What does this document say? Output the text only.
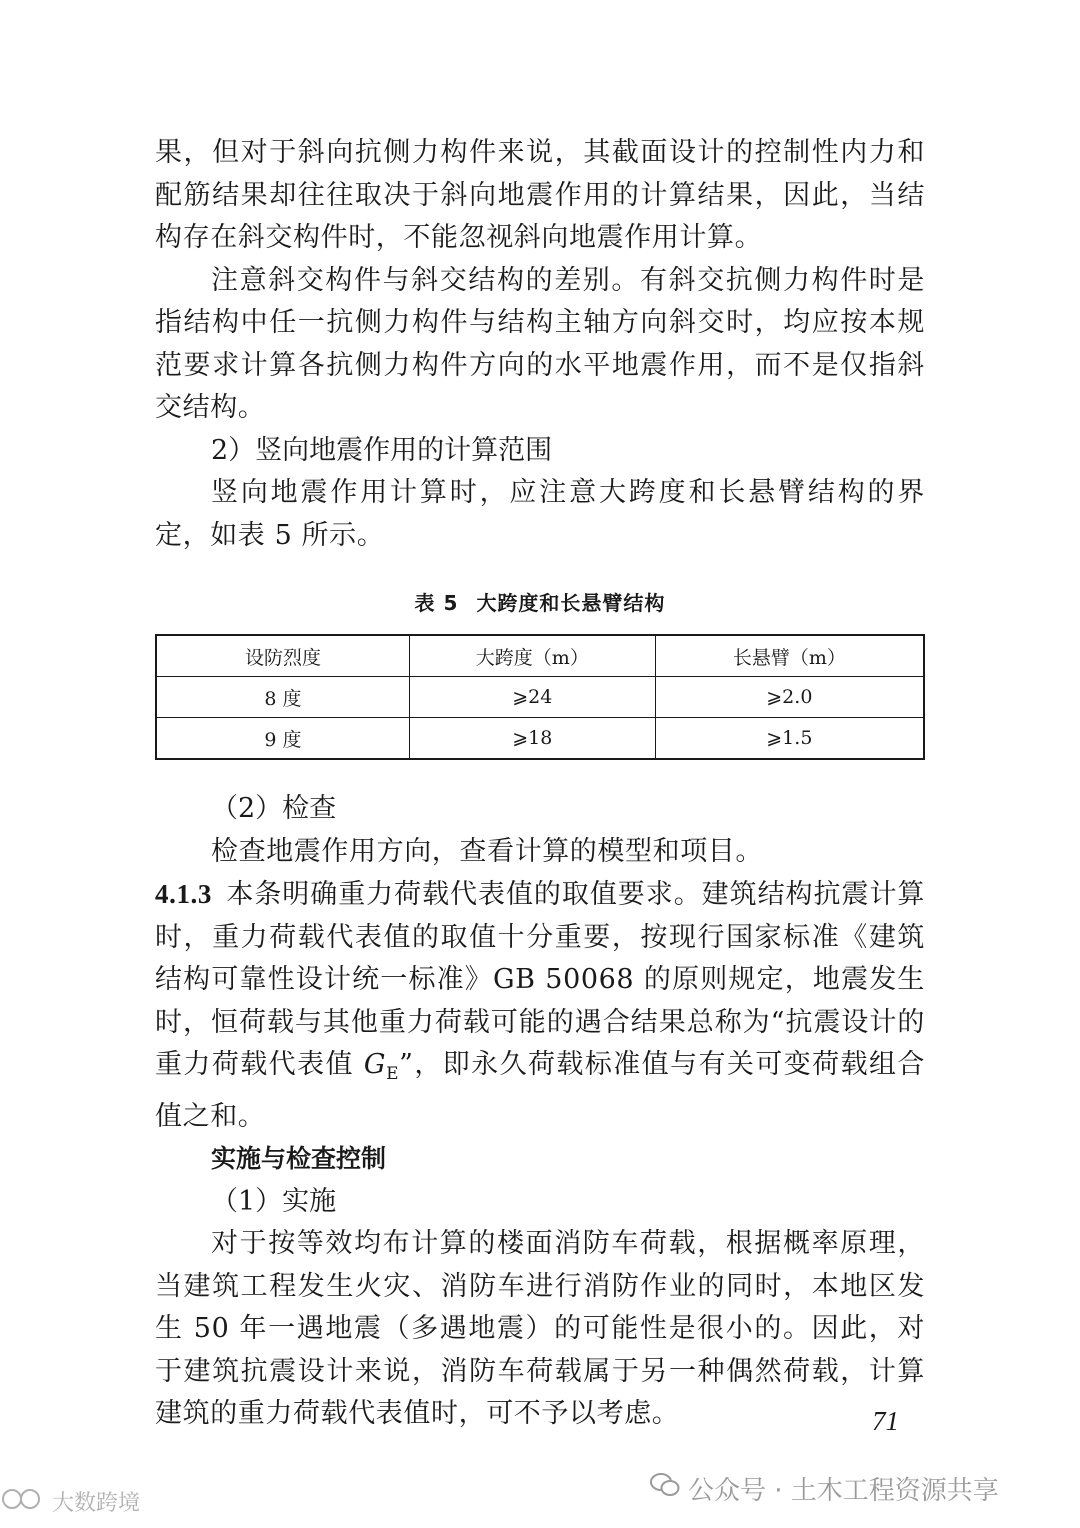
果，但对于斜向抗侧力构件来说，其截面设计的控制性内力和配筋结果却往往取决于斜向地震作用的计算结果，因此，当结构存在斜交构件时，不能忽视斜向地震作用计算。

注意斜交构件与斜交结构的差别。有斜交抗侧力构件时是指结构中任一抗侧力构件与结构主轴方向斜交时，均应按本规范要求计算各抗侧力构件方向的水平地震作用，而不是仅指斜交结构。

2）竖向地震作用的计算范围

竖向地震作用计算时，应注意大跨度和长悬臂结构的界定，如表 5 所示。

表 5 大跨度和长悬臂结构
设防烈度	大跨度（m）	长悬臂（m）
8 度	⩾24	⩾2.0
9 度	⩾18	⩾1.5

（2）检查

检查地震作用方向，查看计算的模型和项目。

4.1.3 本条明确重力荷载代表值的取值要求。建筑结构抗震计算时，重力荷载代表值的取值十分重要，按现行国家标准《建筑结构可靠性设计统一标准》GB 50068 的原则规定，地震发生时，恒荷载与其他重力荷载可能的遇合结果总称为“抗震设计的重力荷载代表值 $G_E$”，即永久荷载标准值与有关可变荷载组合值之和。

实施与检查控制

（1）实施

对于按等效均布计算的楼面消防车荷载，根据概率原理，当建筑工程发生火灾、消防车进行消防作业的同时，本地区发生 50 年一遇地震（多遇地震）的可能性是很小的。因此，对于建筑抗震设计来说，消防车荷载属于另一种偶然荷载，计算建筑的重力荷载代表值时，可不予以考虑。	71
公众号 · 土木工程资源共享
大数跨境
